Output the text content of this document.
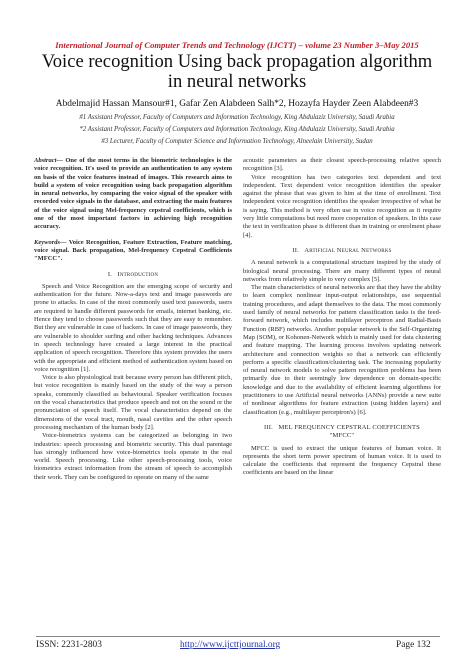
International Journal of Computer Trends and Technology (IJCTT) – volume 23 Number 3–May 2015
Voice recognition Using back propagation algorithm
in neural networks
Abdelmajid Hassan Mansour#1, Gafar Zen Alabdeen Salh*2, Hozayfa Hayder Zeen Alabdeen#3
#1 Assistant Professor, Faculty of Computers and Information Technology, King Abdulaziz University, Saudi Arabia
*2 Assistant Professor, Faculty of Computers and Information Technology, King Abdulaziz University, Saudi Arabia
#3 Lecturer, Faculty of Computer Science and Information Technology, Alneelain University, Sudan

Abstract— One of the most terms in the biometric technologies is the voice recognition. It's used to provide an authentication to any system on basis of the voice features instead of images. This research aims to build a system of voice recognition using back propagation algorithm in neural networks, by comparing the voice signal of the speaker with recorded voice signals in the database, and extracting the main features of the voice signal using Mel-frequency cepstral coefficients, which is one of the most important factors in achieving high recognition accuracy.

Keywords— Voice Recognition, Feature Extraction, Feature matching, voice signal. Back propagation, Mel-frequency Cepstral Coefficients "MFCC".

I. Introduction

Speech and Voice Recognition are the emerging scope of security and authentication for the future. Now-a-days text and image passwords are prone to attacks. In case of the most commonly used text passwords, users are required to handle different passwords for emails, internet banking, etc. Hence they tend to choose passwords such that they are easy to remember. But they are vulnerable in case of hackers. In case of image passwords, they are vulnerable to shoulder surfing and other hacking techniques. Advances in speech technology have created a large interest in the practical application of speech recognition. Therefore this system provides the users with the appropriate and efficient method of authentication system based on voice recognition [1].

Voice is also physiological trait because every person has different pitch, but voice recognition is mainly based on the study of the way a person speaks, commonly classified as behavioural. Speaker verification focuses on the vocal characteristics that produce speech and not on the sound or the pronunciation of speech itself. The vocal characteristics depend on the dimensions of the vocal tract, mouth, nasal cavities and the other speech processing mechanism of the human body [2].

Voice-biometrics systems can be categorized as belonging in two industries: speech processing and biometric security. This dual parentage has strongly influenced how voice-biometrics tools operate in the real world. Speech processing. Like other speech-processing tools, voice biometrics extract information from the stream of speech to accomplish their work. They can be configured to operate on many of the same

acoustic parameters as their closest speech-processing relative speech recognition [3].

Voice recognition has two categories text dependent and text independent. Text dependent voice recognition identifies the speaker against the phrase that was given to him at the time of enrollment. Text independent voice recognition identifies the speaker irrespective of what he is saying. This method is very often use in voice recognition as it require very little computations but need more cooperation of speakers. In this case the text in verification phase is different than in training or enrolment phase [4].

II. Artificial Neural Networks

A neural network is a computational structure inspired by the study of biological neural processing. There are many different types of neural networks from relatively simple to very complex [5].

The main characteristics of neural networks are that they have the ability to learn complex nonlinear input-output relationships, use sequential training procedures, and adapt themselves to the data. The most commonly used family of neural networks for pattern classification tasks is the feed-forward network, which includes multilayer perceptron and Radial-Basis Function (RBF) networks. Another popular network is the Self-Organizing Map (SOM), or Kohonen-Network which is mainly used for data clustering and feature mapping. The learning process involves updating network architecture and connection weights so that a network can efficiently perform a specific classification/clustering task. The increasing popularity of neural network models to solve pattern recognition problems has been primarily due to their seemingly low dependence on domain-specific knowledge and due to the availability of efficient learning algorithms for practitioners to use Artificial neural networks (ANNs) provide a new suite of nonlinear algorithms for feature extraction (using hidden layers) and classification (e.g., multilayer perceptron's) [6].

III. MEL FREQUENCY CEPSTRAL COEFFICIENTS
"MFCC"

MFCC is used to extract the unique features of human voice. It represents the short term power spectrum of human voice. It is used to calculate the coefficients that represent the frequency Cepstral these coefficients are based on the linear

ISSN: 2231-2803	http://www.ijcttjournal.org	Page 132
